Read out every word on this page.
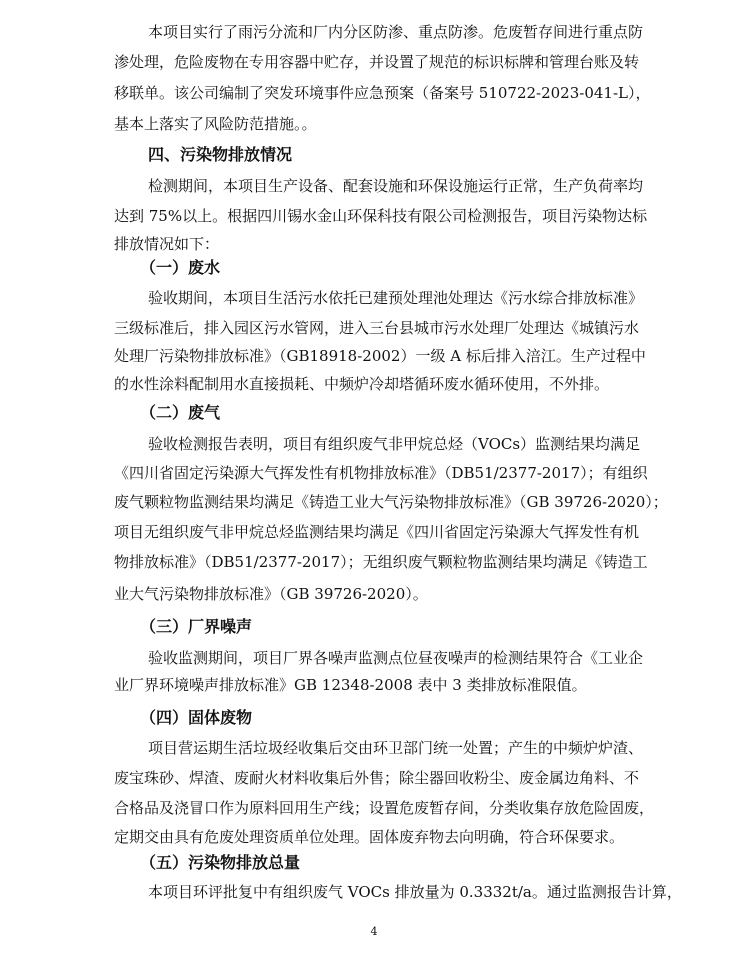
本项目实行了雨污分流和厂内分区防渗、重点防渗。危废暂存间进行重点防
渗处理，危险废物在专用容器中贮存，并设置了规范的标识标牌和管理台账及转
移联单。该公司编制了突发环境事件应急预案（备案号 510722-2023-041-L），
基本上落实了风险防范措施。。
四、污染物排放情况
检测期间，本项目生产设备、配套设施和环保设施运行正常，生产负荷率均
达到 75%以上。根据四川锡水金山环保科技有限公司检测报告，项目污染物达标
排放情况如下：
（一）废水
验收期间，本项目生活污水依托已建预处理池处理达《污水综合排放标准》
三级标准后，排入园区污水管网，进入三台县城市污水处理厂处理达《城镇污水
处理厂污染物排放标准》（GB18918-2002）一级 A 标后排入涪江。生产过程中
的水性涂料配制用水直接损耗、中频炉冷却塔循环废水循环使用，不外排。
（二）废气
验收检测报告表明，项目有组织废气非甲烷总烃（VOCs）监测结果均满足
《四川省固定污染源大气挥发性有机物排放标准》（DB51/2377-2017）；有组织
废气颗粒物监测结果均满足《铸造工业大气污染物排放标准》（GB 39726-2020）；
项目无组织废气非甲烷总烃监测结果均满足《四川省固定污染源大气挥发性有机
物排放标准》（DB51/2377-2017）；无组织废气颗粒物监测结果均满足《铸造工
业大气污染物排放标准》（GB 39726-2020）。
（三）厂界噪声
验收监测期间，项目厂界各噪声监测点位昼夜噪声的检测结果符合《工业企
业厂界环境噪声排放标准》GB 12348-2008 表中 3 类排放标准限值。
（四）固体废物
项目营运期生活垃圾经收集后交由环卫部门统一处置；产生的中频炉炉渣、
废宝珠砂、焊渣、废耐火材料收集后外售；除尘器回收粉尘、废金属边角料、不
合格品及浇冒口作为原料回用生产线；设置危废暂存间，分类收集存放危险固废，
定期交由具有危废处理资质单位处理。固体废弃物去向明确，符合环保要求。
（五）污染物排放总量
本项目环评批复中有组织废气 VOCs 排放量为 0.3332t/a。通过监测报告计算，
4
